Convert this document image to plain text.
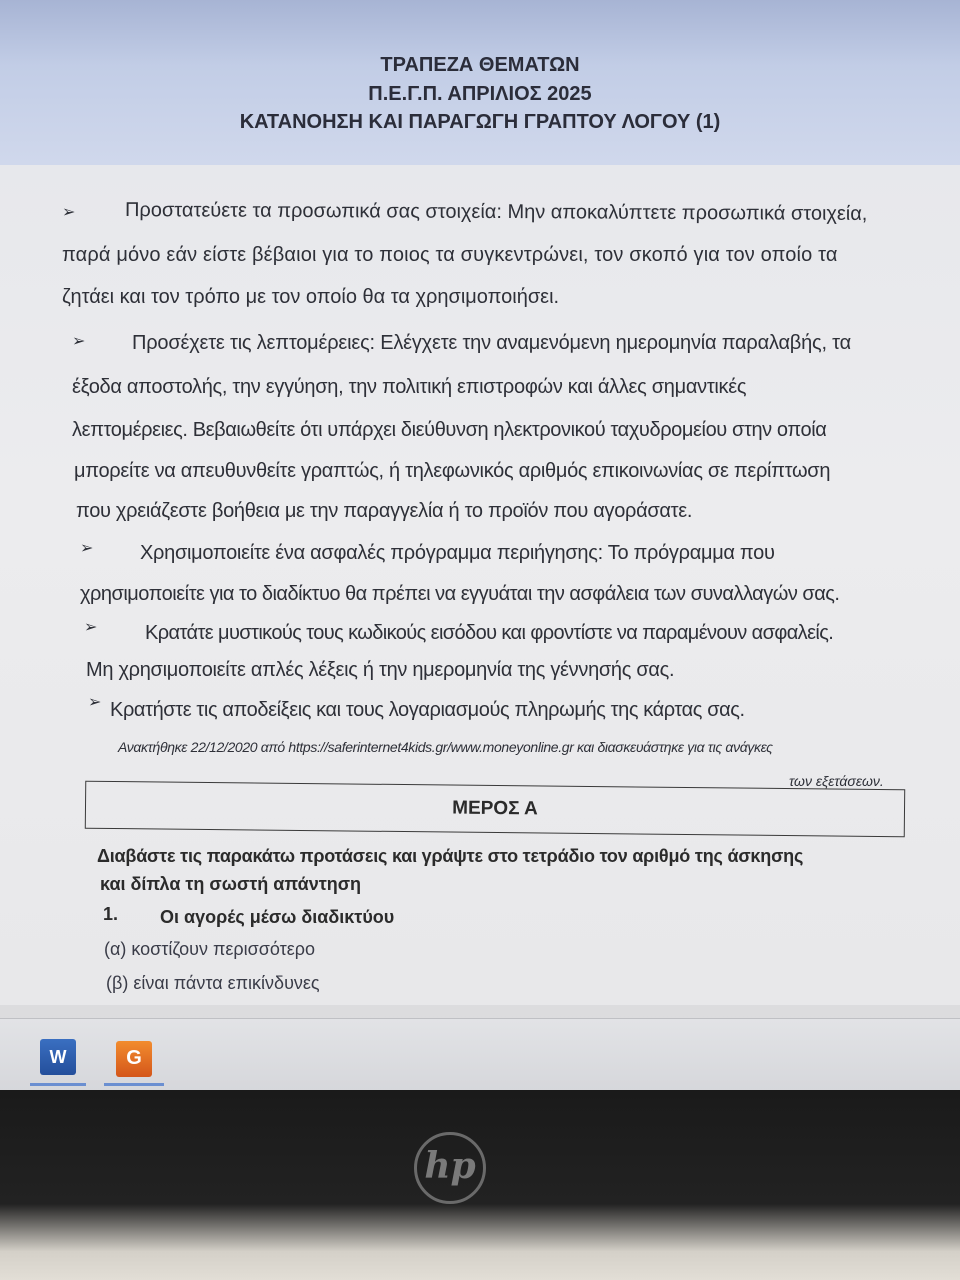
ΤΡΑΠΕΖΑ ΘΕΜΑΤΩΝ
Π.Ε.Γ.Π. ΑΠΡΙΛΙΟΣ 2025
ΚΑΤΑΝΟΗΣΗ ΚΑΙ ΠΑΡΑΓΩΓΗ ΓΡΑΠΤΟΥ ΛΟΓΟΥ (1)
➢ Προστατεύετε τα προσωπικά σας στοιχεία: Μην αποκαλύπτετε προσωπικά στοιχεία,
παρά μόνο εάν είστε βέβαιοι για το ποιος τα συγκεντρώνει, τον σκοπό για τον οποίο τα
ζητάει και τον τρόπο με τον οποίο θα τα χρησιμοποιήσει.
➢ Προσέχετε τις λεπτομέρειες: Ελέγχετε την αναμενόμενη ημερομηνία παραλαβής, τα
έξοδα αποστολής, την εγγύηση, την πολιτική επιστροφών και άλλες σημαντικές
λεπτομέρειες. Βεβαιωθείτε ότι υπάρχει διεύθυνση ηλεκτρονικού ταχυδρομείου στην οποία
μπορείτε να απευθυνθείτε γραπτώς, ή τηλεφωνικός αριθμός επικοινωνίας σε περίπτωση
που χρειάζεστε βοήθεια με την παραγγελία ή το προϊόν που αγοράσατε.
➢ Χρησιμοποιείτε ένα ασφαλές πρόγραμμα περιήγησης: Το πρόγραμμα που
χρησιμοποιείτε για το διαδίκτυο θα πρέπει να εγγυάται την ασφάλεια των συναλλαγών σας.
➢ Κρατάτε μυστικούς τους κωδικούς εισόδου και φροντίστε να παραμένουν ασφαλείς.
Μη χρησιμοποιείτε απλές λέξεις ή την ημερομηνία της γέννησής σας.
➢ Κρατήστε τις αποδείξεις και τους λογαριασμούς πληρωμής της κάρτας σας.
Ανακτήθηκε 22/12/2020 από https://saferinternet4kids.gr/www.moneyonline.gr και διασκευάστηκε για τις ανάγκες
των εξετάσεων.
ΜΕΡΟΣ Α
Διαβάστε τις παρακάτω προτάσεις και γράψτε στο τετράδιο τον αριθμό της άσκησης
και δίπλα τη σωστή απάντηση
1. Οι αγορές μέσω διαδικτύου
(α) κοστίζουν περισσότερο
(β) είναι πάντα επικίνδυνες
W	G
hp
